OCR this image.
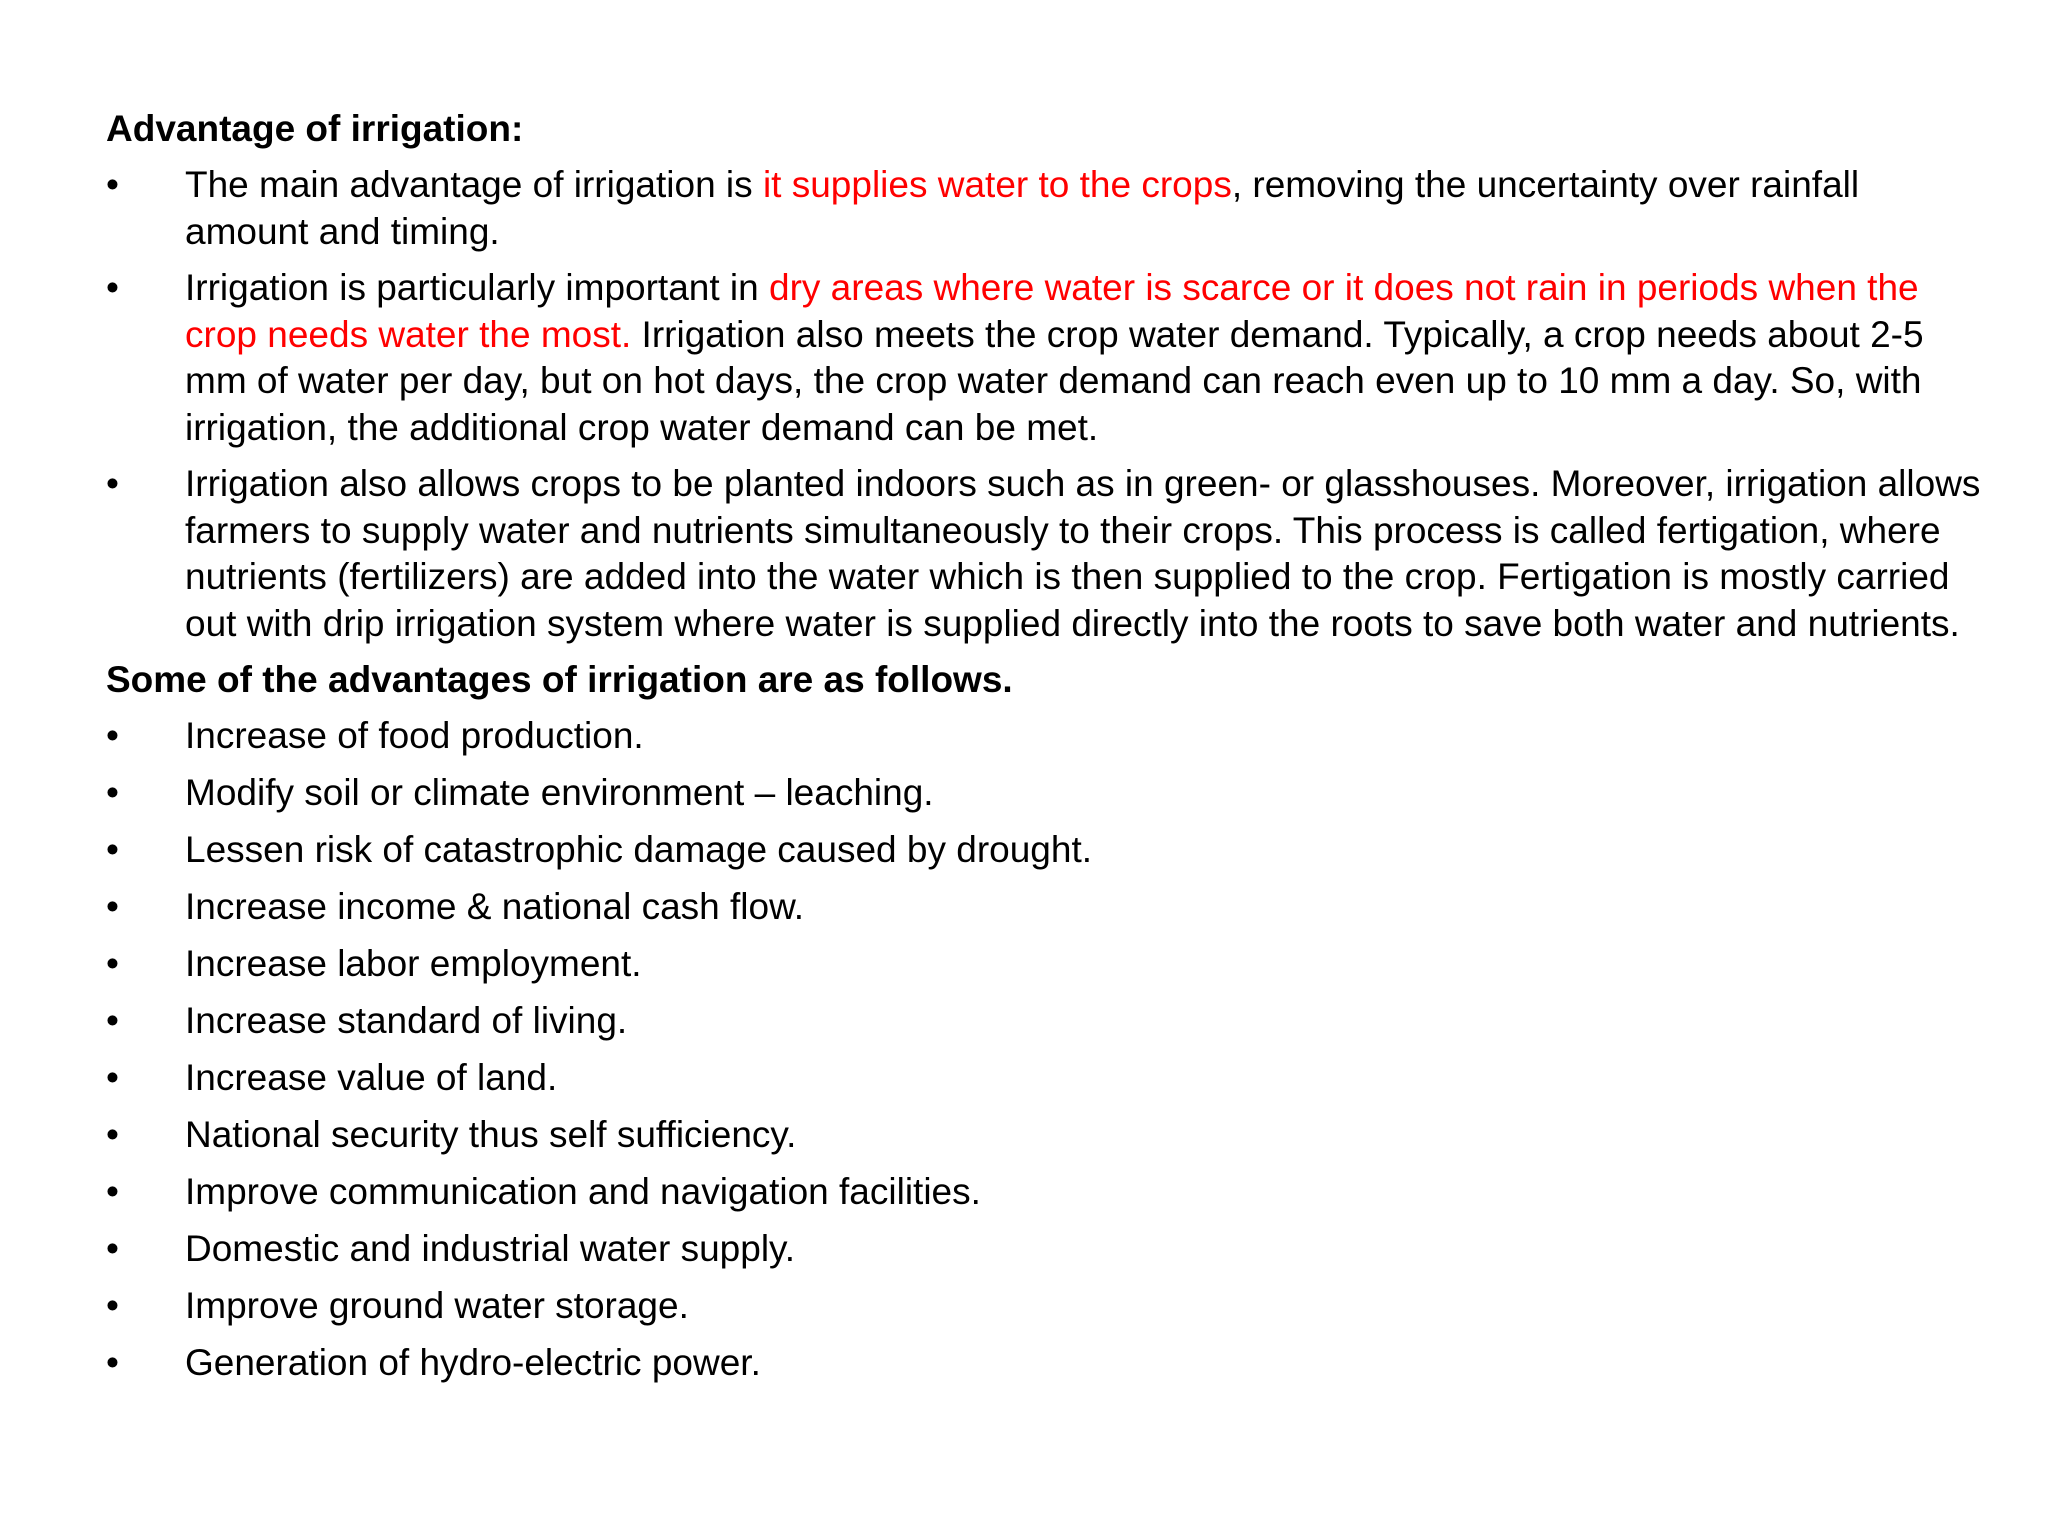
Advantage of irrigation:
•	The main advantage of irrigation is it supplies water to the crops, removing the uncertainty over rainfall amount and timing.
•	Irrigation is particularly important in dry areas where water is scarce or it does not rain in periods when the crop needs water the most. Irrigation also meets the crop water demand. Typically, a crop needs about 2-5 mm of water per day, but on hot days, the crop water demand can reach even up to 10 mm a day. So, with irrigation, the additional crop water demand can be met.
•	Irrigation also allows crops to be planted indoors such as in green- or glasshouses. Moreover, irrigation allows farmers to supply water and nutrients simultaneously to their crops. This process is called fertigation, where nutrients (fertilizers) are added into the water which is then supplied to the crop. Fertigation is mostly carried out with drip irrigation system where water is supplied directly into the roots to save both water and nutrients.
Some of the advantages of irrigation are as follows.
•	Increase of food production.
•	Modify soil or climate environment – leaching.
•	Lessen risk of catastrophic damage caused by drought.
•	Increase income & national cash flow.
•	Increase labor employment.
•	Increase standard of living.
•	Increase value of land.
•	National security thus self sufficiency.
•	Improve communication and navigation facilities.
•	Domestic and industrial water supply.
•	Improve ground water storage.
•	Generation of hydro-electric power.
